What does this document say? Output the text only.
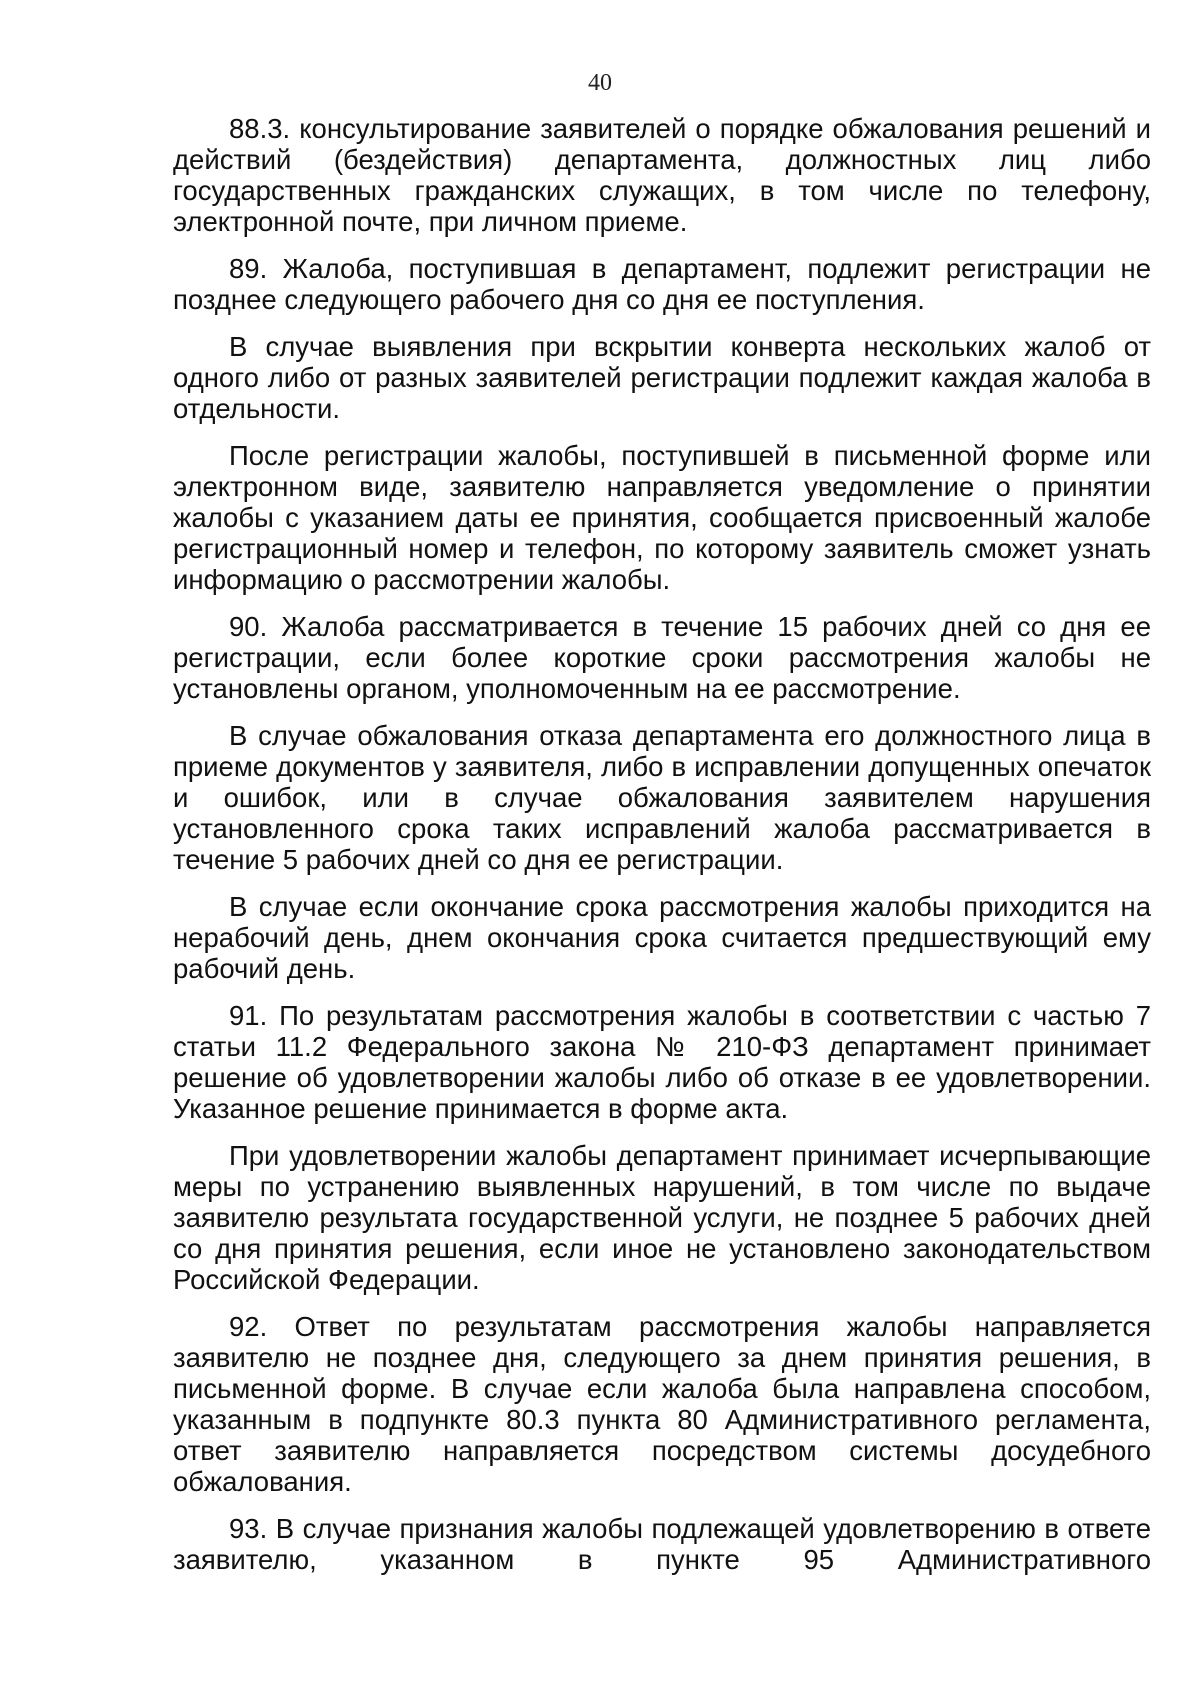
40

88.3. консультирование заявителей о порядке обжалования решений и действий (бездействия) департамента, должностных лиц либо государственных гражданских служащих, в том числе по телефону, электронной почте, при личном приеме.

89. Жалоба, поступившая в департамент, подлежит регистрации не позднее следующего рабочего дня со дня ее поступления.

В случае выявления при вскрытии конверта нескольких жалоб от одного либо от разных заявителей регистрации подлежит каждая жалоба в отдельности.

После регистрации жалобы, поступившей в письменной форме или электронном виде, заявителю направляется уведомление о принятии жалобы с указанием даты ее принятия, сообщается присвоенный жалобе регистрационный номер и телефон, по которому заявитель сможет узнать информацию о рассмотрении жалобы.

90. Жалоба рассматривается в течение 15 рабочих дней со дня ее регистрации, если более короткие сроки рассмотрения жалобы не установлены органом, уполномоченным на ее рассмотрение.

В случае обжалования отказа департамента его должностного лица в приеме документов у заявителя, либо в исправлении допущенных опечаток и ошибок, или в случае обжалования заявителем нарушения установленного срока таких исправлений жалоба рассматривается в течение 5 рабочих дней со дня ее регистрации.

В случае если окончание срока рассмотрения жалобы приходится на нерабочий день, днем окончания срока считается предшествующий ему рабочий день.

91. По результатам рассмотрения жалобы в соответствии с частью 7 статьи 11.2 Федерального закона № 210-ФЗ департамент принимает решение об удовлетворении жалобы либо об отказе в ее удовлетворении. Указанное решение принимается в форме акта.

При удовлетворении жалобы департамент принимает исчерпывающие меры по устранению выявленных нарушений, в том числе по выдаче заявителю результата государственной услуги, не позднее 5 рабочих дней со дня принятия решения, если иное не установлено законодательством Российской Федерации.

92. Ответ по результатам рассмотрения жалобы направляется заявителю не позднее дня, следующего за днем принятия решения, в письменной форме. В случае если жалоба была направлена способом, указанным в подпункте 80.3 пункта 80 Административного регламента, ответ заявителю направляется посредством системы досудебного обжалования.

93. В случае признания жалобы подлежащей удовлетворению в ответе заявителю, указанном в пункте 95 Административного
